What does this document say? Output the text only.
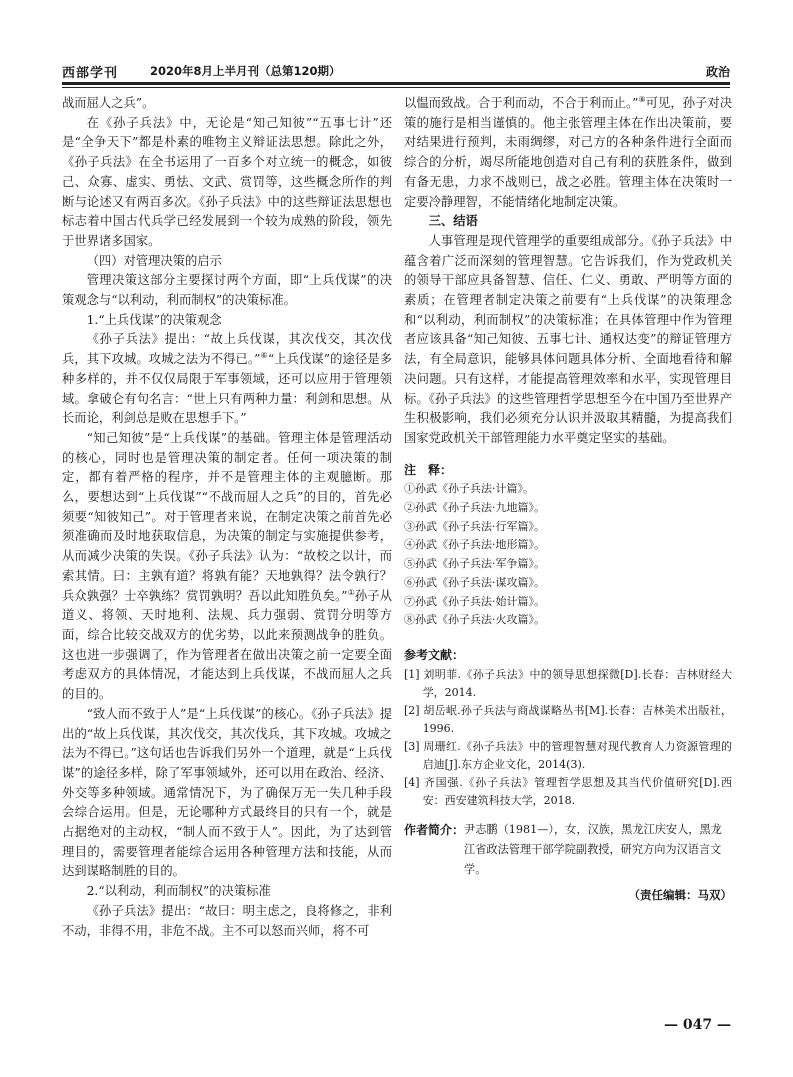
西部学刊	2020年8月上半月刊（总第120期）	政治

战而屈人之兵”。

在《孙子兵法》中，无论是“知己知彼”“五事七计”还是“全争天下”都是朴素的唯物主义辩证法思想。除此之外，《孙子兵法》在全书运用了一百多个对立统一的概念，如彼己、众寡、虚实、勇怯、文武、赏罚等，这些概念所作的判断与论述又有两百多次。《孙子兵法》中的这些辩证法思想也标志着中国古代兵学已经发展到一个较为成熟的阶段，领先于世界诸多国家。

（四）对管理决策的启示

管理决策这部分主要探讨两个方面，即“上兵伐谋”的决策观念与“以利动，利而制权”的决策标准。

1.“上兵伐谋”的决策观念

《孙子兵法》提出：“故上兵伐谋，其次伐交，其次伐兵，其下攻城。攻城之法为不得已。”⑥“上兵伐谋”的途径是多种多样的，并不仅仅局限于军事领域，还可以应用于管理领域。拿破仑有句名言：“世上只有两种力量：利剑和思想。从长而论，利剑总是败在思想手下。”

“知己知彼”是“上兵伐谋”的基础。管理主体是管理活动的核心，同时也是管理决策的制定者。任何一项决策的制定，都有着严格的程序，并不是管理主体的主观臆断。那么，要想达到“上兵伐谋”“不战而屈人之兵”的目的，首先必须要“知彼知己”。对于管理者来说，在制定决策之前首先必须准确而及时地获取信息，为决策的制定与实施提供参考，从而减少决策的失误。《孙子兵法》认为：“故校之以计，而索其情。曰：主孰有道？将孰有能？天地孰得？法令孰行？兵众孰强？士卒孰练？赏罚孰明？吾以此知胜负矣。”①孙子从道义、将领、天时地利、法规、兵力强弱、赏罚分明等方面，综合比较交战双方的优劣势，以此来预测战争的胜负。这也进一步强调了，作为管理者在做出决策之前一定要全面考虑双方的具体情况，才能达到上兵伐谋，不战而屈人之兵的目的。

“致人而不致于人”是“上兵伐谋”的核心。《孙子兵法》提出的“故上兵伐谋，其次伐交，其次伐兵，其下攻城。攻城之法为不得已。”这句话也告诉我们另外一个道理，就是“上兵伐谋”的途径多样，除了军事领域外，还可以用在政治、经济、外交等多种领域。通常情况下，为了确保万无一失几种手段会综合运用。但是，无论哪种方式最终目的只有一个，就是占据绝对的主动权，“制人而不致于人”。因此，为了达到管理目的，需要管理者能综合运用各种管理方法和技能，从而达到谋略制胜的目的。

2.“以利动，利而制权”的决策标准

《孙子兵法》提出：“故曰：明主虑之，良将修之，非利不动，非得不用，非危不战。主不可以怒而兴师，将不可

以愠而致战。合于利而动，不合于利而止。”⑧可见，孙子对决策的施行是相当谨慎的。他主张管理主体在作出决策前，要对结果进行预判，未雨绸缪，对己方的各种条件进行全面而综合的分析，竭尽所能地创造对自己有利的获胜条件，做到有备无患，力求不战则已，战之必胜。管理主体在决策时一定要冷静理智，不能情绪化地制定决策。

三、结语

人事管理是现代管理学的重要组成部分。《孙子兵法》中蕴含着广泛而深刻的管理智慧。它告诉我们，作为党政机关的领导干部应具备智慧、信任、仁义、勇敢、严明等方面的素质；在管理者制定决策之前要有“上兵伐谋”的决策理念和“以利动，利而制权”的决策标准；在具体管理中作为管理者应该具备“知己知彼、五事七计、通权达变”的辩证管理方法，有全局意识，能够具体问题具体分析、全面地看待和解决问题。只有这样，才能提高管理效率和水平，实现管理目标。《孙子兵法》的这些管理哲学思想至今在中国乃至世界产生积极影响，我们必须充分认识并汲取其精髓，为提高我们国家党政机关干部管理能力水平奠定坚实的基础。

注　释：
①孙武《孙子兵法·计篇》。
②孙武《孙子兵法·九地篇》。
③孙武《孙子兵法·行军篇》。
④孙武《孙子兵法·地形篇》。
⑤孙武《孙子兵法·军争篇》。
⑥孙武《孙子兵法·谋攻篇》。
⑦孙武《孙子兵法·始计篇》。
⑧孙武《孙子兵法·火攻篇》。
参考文献：

[1] 刘明菲.《孙子兵法》中的领导思想探微[D].长春：吉林财经大学，2014.

[2] 胡岳岷.孙子兵法与商战谋略丛书[M].长春：吉林美术出版社，1996.

[3] 周珊红.《孙子兵法》中的管理智慧对现代教育人力资源管理的启迪[J].东方企业文化，2014(3).

[4] 齐国强.《孙子兵法》管理哲学思想及其当代价值研究[D].西安：西安建筑科技大学，2018.

作者简介： 尹志鹏（1981—），女，汉族，黑龙江庆安人，黑龙江省政法管理干部学院副教授，研究方向为汉语言文学。
（责任编辑：马双）
— 047 —
